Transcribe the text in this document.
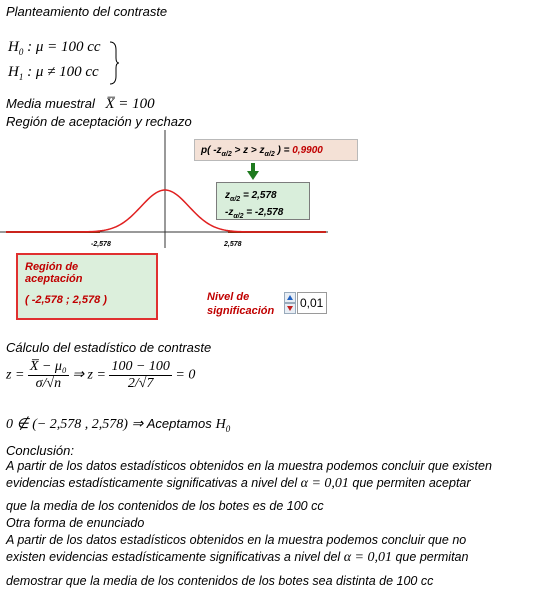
Planteamiento del contraste
$H_0$ : μ = 100 cc
$H_1$ : μ ≠ 100 cc
Media muestral X̅ = 100
Región de aceptación y rechazo
-2,578	2,578
p( $-z_{\alpha/2} > z > z_{\alpha/2}$ ) = 0,9900
$z_{\alpha/2} = 2,578$
$-z_{\alpha/2} = -2,578$
Región de
aceptación
( -2,578 ; 2,578 )	Nivel de
significación
0,01
Cálculo del estadístico de contraste
$z = \frac{\text{X̅ − μ₀}}{\sigma/√n}$ ⇒ $z = \frac{100 - 100}{2/√7} = 0$
0 ∉ (− 2,578 , 2,578) ⇒ Aceptamos $H_0$
Conclusión:
A partir de los datos estadísticos obtenidos en la muestra podemos concluir que existen
evidencias estadísticamente significativas a nivel del α = 0,01 que permiten aceptar
que la media de los contenidos de los botes es de 100 cc
Otra forma de enunciado
A partir de los datos estadísticos obtenidos en la muestra podemos concluir que no
existen evidencias estadísticamente significativas a nivel del α = 0,01 que permitan
demostrar que la media de los contenidos de los botes sea distinta de 100 cc
